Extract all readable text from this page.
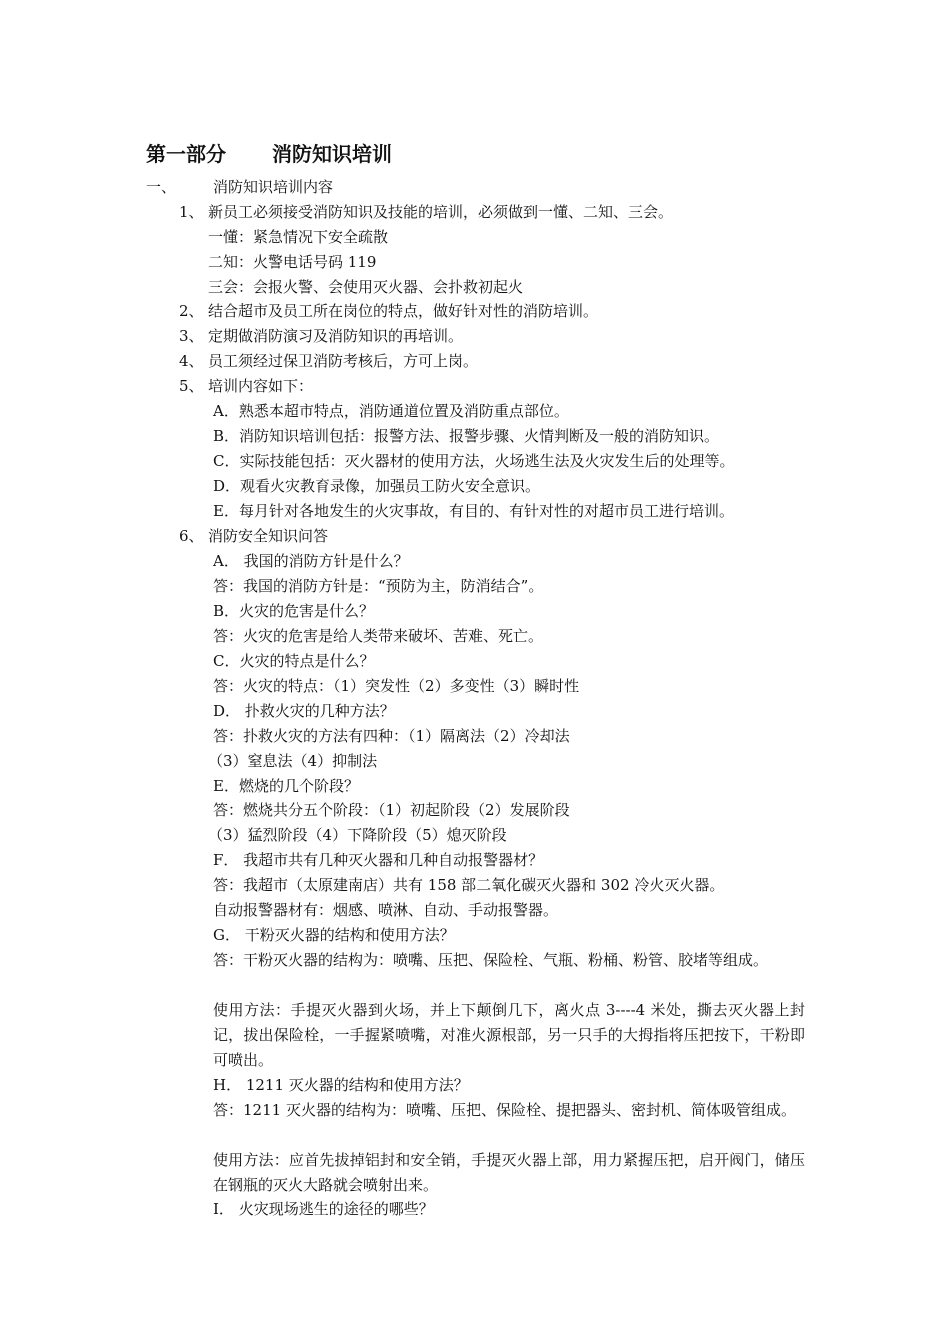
第一部分 消防知识培训
一、 消防知识培训内容
1、 新员工必须接受消防知识及技能的培训，必须做到一懂、二知、三会。
一懂：紧急情况下安全疏散
二知：火警电话号码 119
三会：会报火警、会使用灭火器、会扑救初起火
2、 结合超市及员工所在岗位的特点，做好针对性的消防培训。
3、 定期做消防演习及消防知识的再培训。
4、 员工须经过保卫消防考核后，方可上岗。
5、 培训内容如下：
A．熟悉本超市特点，消防通道位置及消防重点部位。
B．消防知识培训包括：报警方法、报警步骤、火情判断及一般的消防知识。
C．实际技能包括：灭火器材的使用方法，火场逃生法及火灾发生后的处理等。
D．观看火灾教育录像，加强员工防火安全意识。
E．每月针对各地发生的火灾事故，有目的、有针对性的对超市员工进行培训。
6、 消防安全知识问答
A． 我国的消防方针是什么？
答：我国的消防方针是：“预防为主，防消结合”。
B．火灾的危害是什么？
答：火灾的危害是给人类带来破坏、苦难、死亡。
C．火灾的特点是什么？
答：火灾的特点：（1）突发性（2）多变性（3）瞬时性
D． 扑救火灾的几种方法？
答：扑救火灾的方法有四种：（1）隔离法（2）冷却法
（3）窒息法（4）抑制法
E．燃烧的几个阶段？
答：燃烧共分五个阶段：（1）初起阶段（2）发展阶段
（3）猛烈阶段（4）下降阶段（5）熄灭阶段
F． 我超市共有几种灭火器和几种自动报警器材？
答：我超市（太原建南店）共有 158 部二氧化碳灭火器和 302 冷火灭火器。
自动报警器材有：烟感、喷淋、自动、手动报警器。
G． 干粉灭火器的结构和使用方法？
答：干粉灭火器的结构为：喷嘴、压把、保险栓、气瓶、粉桶、粉管、胶堵等组成。
使用方法：手提灭火器到火场，并上下颠倒几下，离火点 3----4 米处，撕去灭火器上封记，拔出保险栓，一手握紧喷嘴，对准火源根部，另一只手的大拇指将压把按下，干粉即可喷出。
H． 1211 灭火器的结构和使用方法？
答：1211 灭火器的结构为：喷嘴、压把、保险栓、提把器头、密封机、简体吸管组成。
使用方法：应首先拔掉铝封和安全销，手提灭火器上部，用力紧握压把，启开阀门，储压在钢瓶的灭火大路就会喷射出来。
I． 火灾现场逃生的途径的哪些？
